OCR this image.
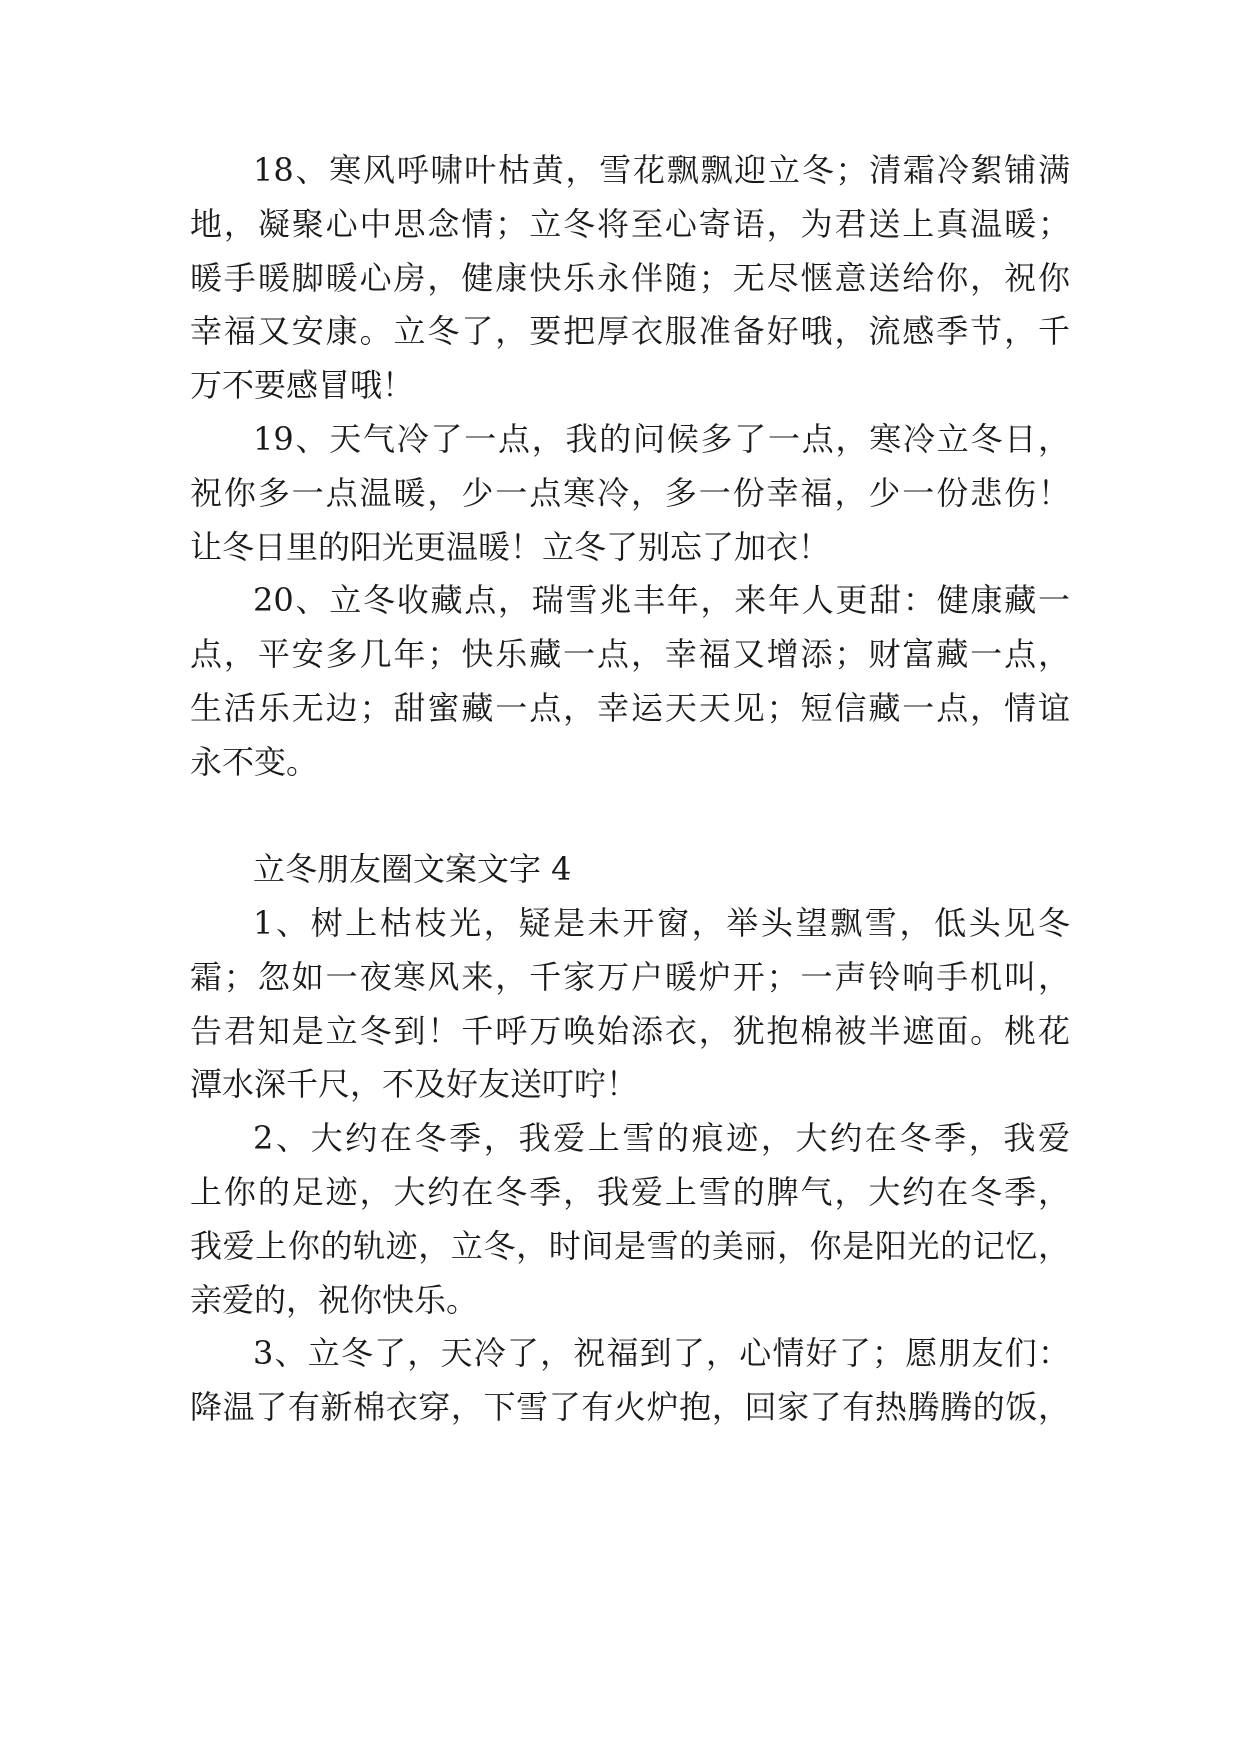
18、寒风呼啸叶枯黄，雪花飘飘迎立冬；清霜冷絮铺满

地，凝聚心中思念情；立冬将至心寄语，为君送上真温暖；

暖手暖脚暖心房，健康快乐永伴随；无尽惬意送给你，祝你

幸福又安康。立冬了，要把厚衣服准备好哦，流感季节，千

万不要感冒哦！

19、天气冷了一点，我的问候多了一点，寒冷立冬日，

祝你多一点温暖，少一点寒冷，多一份幸福，少一份悲伤！

让冬日里的阳光更温暖！立冬了别忘了加衣！

20、立冬收藏点，瑞雪兆丰年，来年人更甜：健康藏一

点，平安多几年；快乐藏一点，幸福又增添；财富藏一点，

生活乐无边；甜蜜藏一点，幸运天天见；短信藏一点，情谊

永不变。

立冬朋友圈文案文字 4

1、树上枯枝光，疑是未开窗，举头望飘雪，低头见冬

霜；忽如一夜寒风来，千家万户暖炉开；一声铃响手机叫，

告君知是立冬到！千呼万唤始添衣，犹抱棉被半遮面。桃花

潭水深千尺，不及好友送叮咛！

2、大约在冬季，我爱上雪的痕迹，大约在冬季，我爱

上你的足迹，大约在冬季，我爱上雪的脾气，大约在冬季，

我爱上你的轨迹，立冬，时间是雪的美丽，你是阳光的记忆，

亲爱的，祝你快乐。

3、立冬了，天冷了，祝福到了，心情好了；愿朋友们：

降温了有新棉衣穿，下雪了有火炉抱，回家了有热腾腾的饭，
